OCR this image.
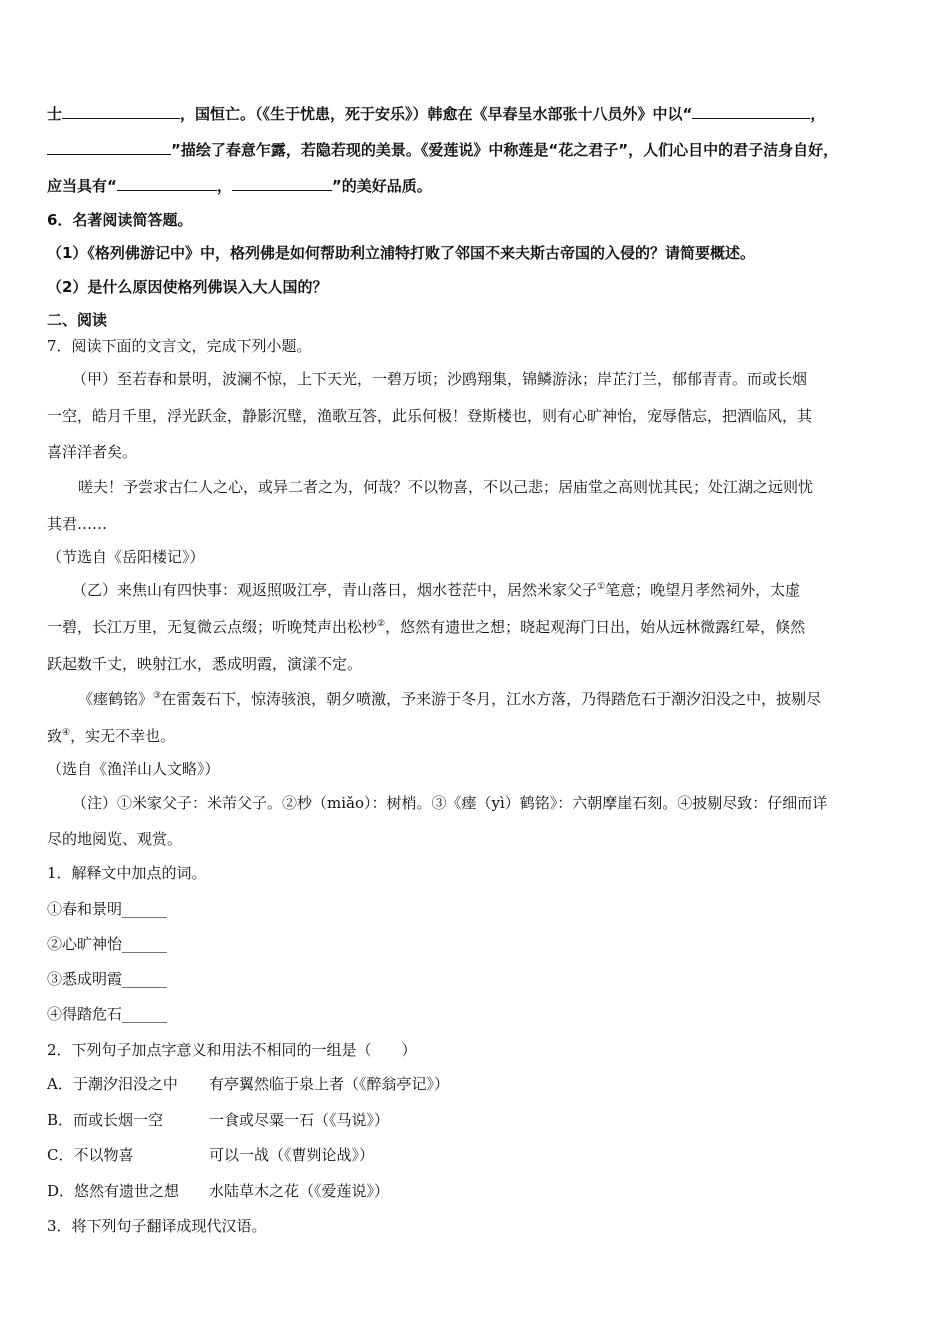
士	，国恒亡。（《生于忧患，死于安乐》）韩愈在《早春呈水部张十八员外》中以“	，
”描绘了春意乍露，若隐若现的美景。《爱莲说》中称莲是“花之君子”，人们心目中的君子洁身自好，
应当具有“	，	”的美好品质。
6．名著阅读简答题。
（1）《格列佛游记中》中，格列佛是如何帮助利立浦特打败了邻国不来夫斯古帝国的入侵的？请简要概述。
（2）是什么原因使格列佛误入大人国的？
二、阅读
7．阅读下面的文言文，完成下列小题。
（甲）至若春和景明，波澜不惊，上下天光，一碧万顷；沙鸥翔集，锦鳞游泳；岸芷汀兰，郁郁青青。而或长烟
一空，皓月千里，浮光跃金，静影沉璧，渔歌互答，此乐何极！登斯楼也，则有心旷神怡，宠辱偕忘，把酒临风，其
喜洋洋者矣。
嗟夫！予尝求古仁人之心，或异二者之为，何哉？不以物喜，不以己悲；居庙堂之高则忧其民；处江湖之远则忧
其君……
（节选自《岳阳楼记》）
（乙）来焦山有四快事：观返照吸江亭，青山落日，烟水苍茫中，居然米家父子①笔意；晚望月孝然祠外，太虚
一碧，长江万里，无复微云点缀；听晚梵声出松杪②，悠然有遗世之想；晓起观海门日出，始从远林微露红晕，倏然
跃起数千丈，映射江水，悉成明霞，演漾不定。
《瘗鹤铭》③在雷轰石下，惊涛骇浪，朝夕喷激，予来游于冬月，江水方落，乃得踏危石于潮汐汨没之中，披剔尽
致④，实无不幸也。
（选自《渔洋山人文略》）
（注）①米家父子：米芾父子。②杪（miǎo）：树梢。③《瘗（yì）鹤铭》：六朝摩崖石刻。④披剔尽致：仔细而详
尽的地阅览、观赏。
1．解释文中加点的词。
①春和景明______
②心旷神怡______
③悉成明霞______
④得踏危石______
2．下列句子加点字意义和用法不相同的一组是（　　）
A．于潮汐汨没之中 有亭翼然临于泉上者（《醉翁亭记》）
B．而或长烟一空	一食或尽粟一石（《马说》）
C．不以物喜	可以一战（《曹刿论战》）
D．悠然有遗世之想 水陆草木之花（《爱莲说》）
3．将下列句子翻译成现代汉语。
